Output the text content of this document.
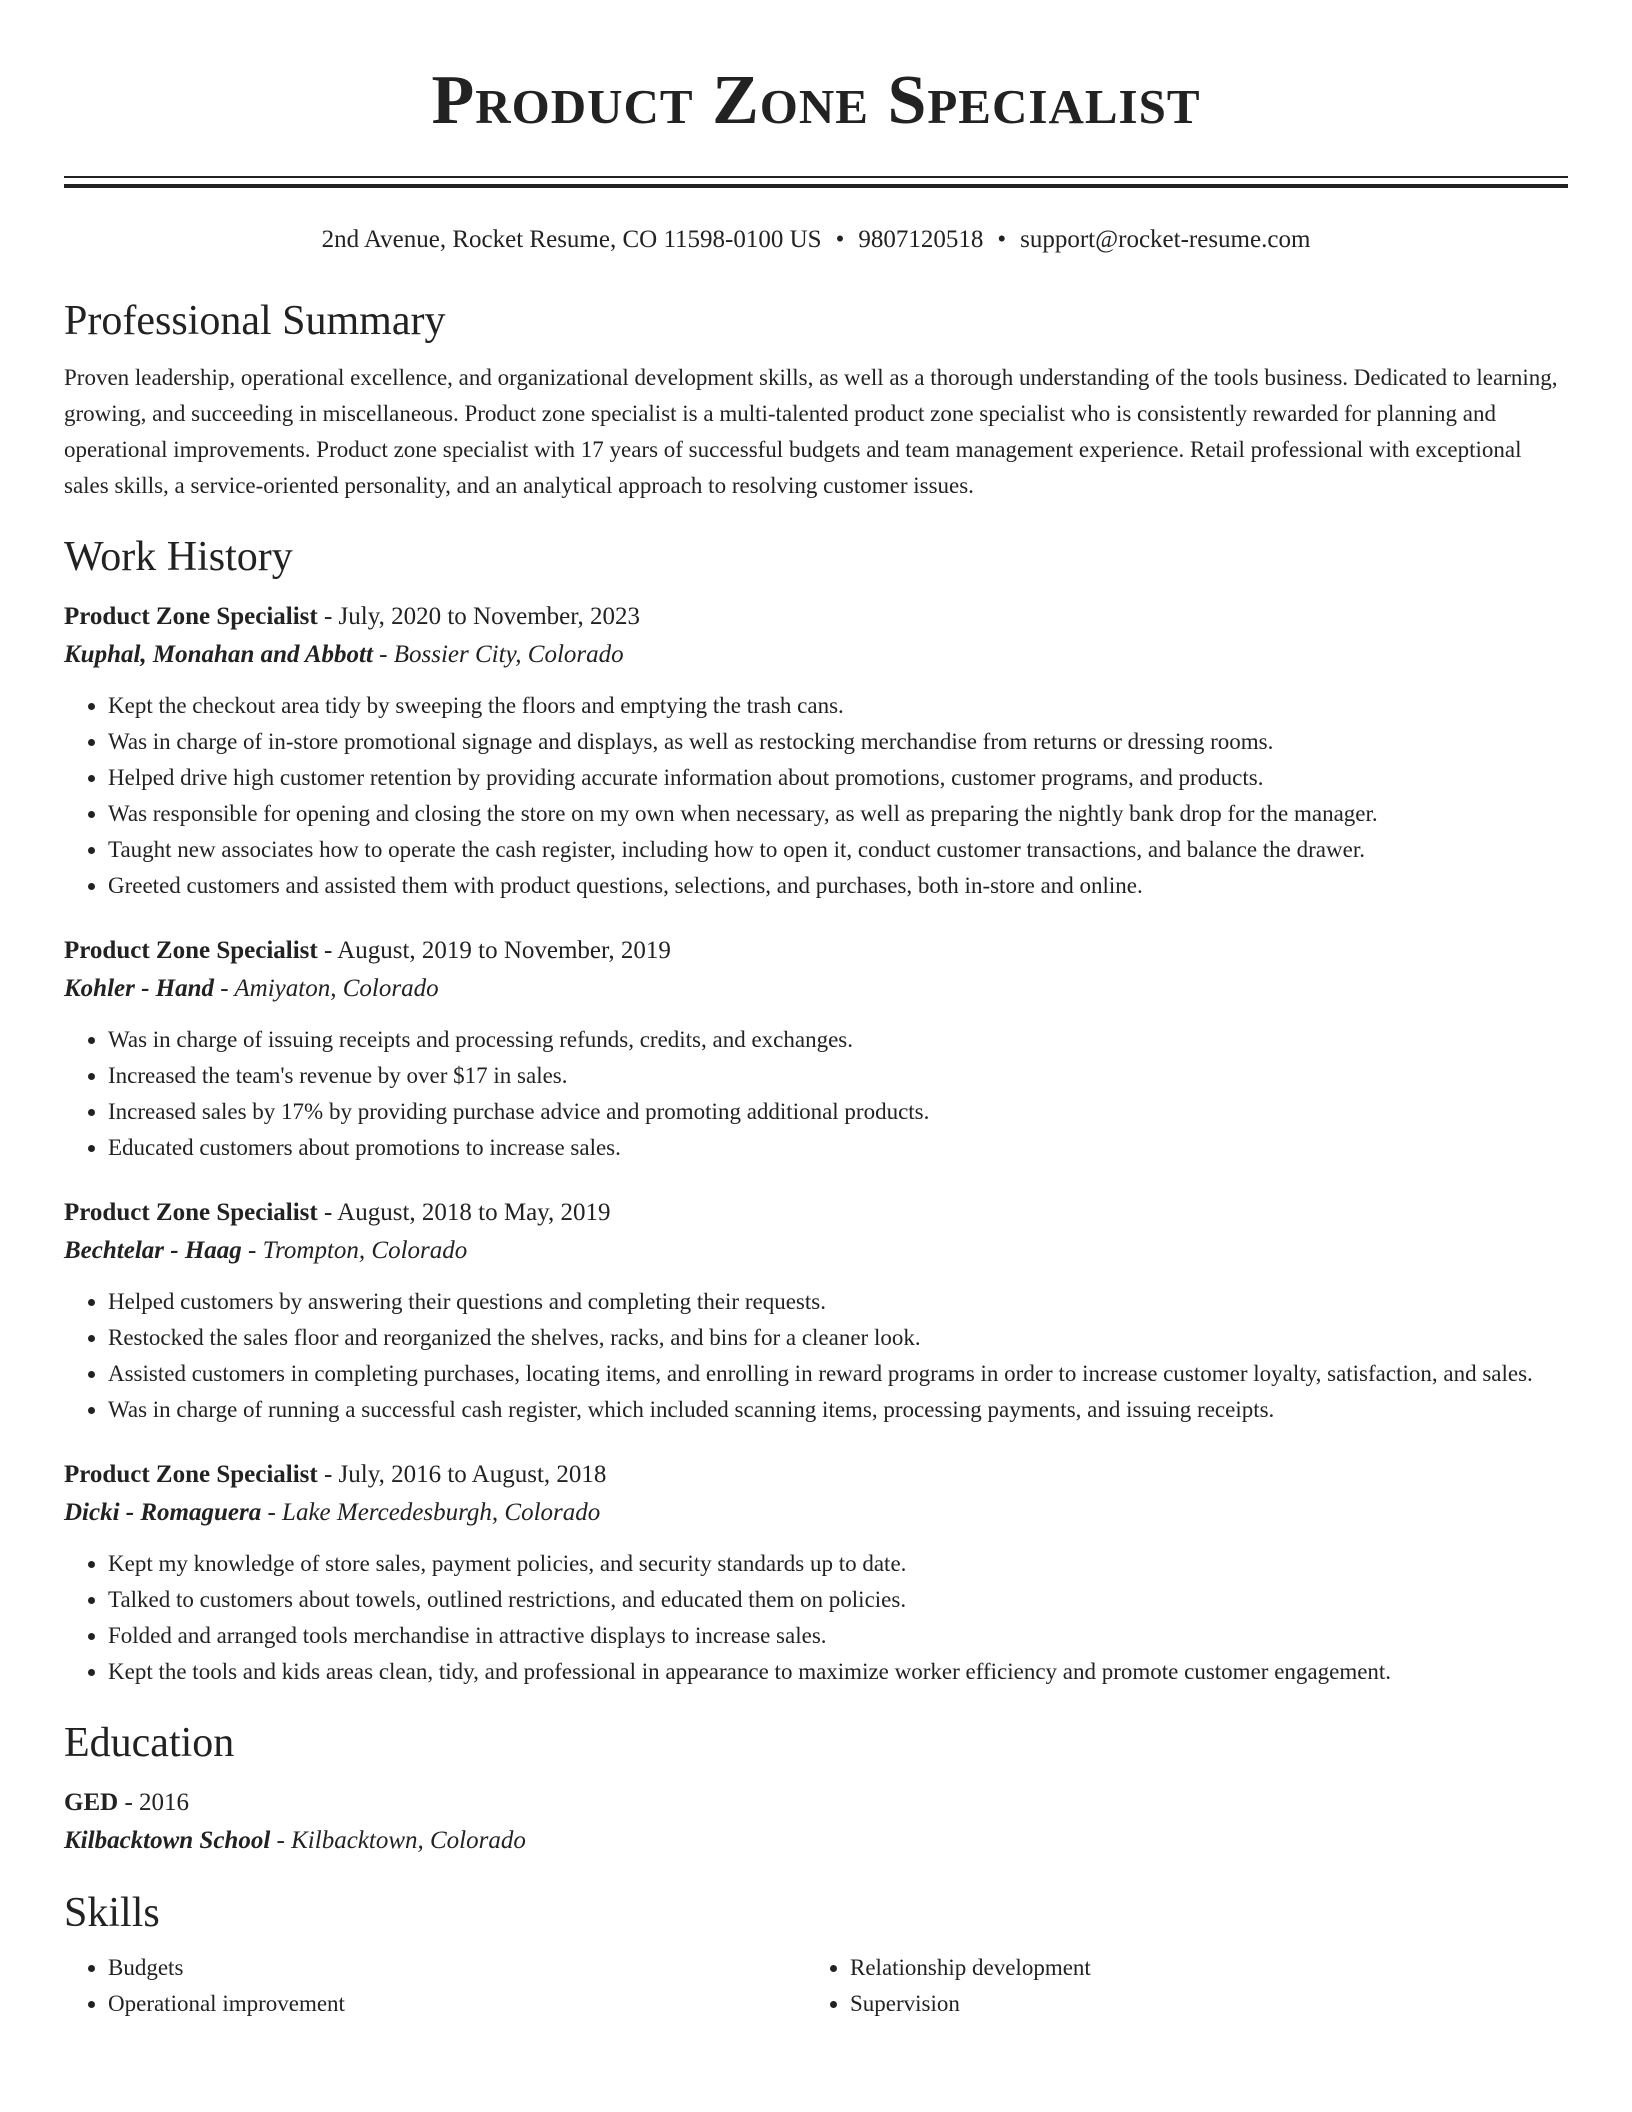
Product Zone Specialist
2nd Avenue, Rocket Resume, CO 11598-0100 US • 9807120518 • support@rocket-resume.com
Professional Summary

Proven leadership, operational excellence, and organizational development skills, as well as a thorough understanding of the tools business. Dedicated to learning, growing, and succeeding in miscellaneous. Product zone specialist is a multi-talented product zone specialist who is consistently rewarded for planning and operational improvements. Product zone specialist with 17 years of successful budgets and team management experience. Retail professional with exceptional sales skills, a service-oriented personality, and an analytical approach to resolving customer issues.

Work History
Product Zone Specialist - July, 2020 to November, 2023
Kuphal, Monahan and Abbott - Bossier City, Colorado
• Kept the checkout area tidy by sweeping the floors and emptying the trash cans.
• Was in charge of in-store promotional signage and displays, as well as restocking merchandise from returns or dressing rooms.
• Helped drive high customer retention by providing accurate information about promotions, customer programs, and products.
• Was responsible for opening and closing the store on my own when necessary, as well as preparing the nightly bank drop for the manager.
• Taught new associates how to operate the cash register, including how to open it, conduct customer transactions, and balance the drawer.
• Greeted customers and assisted them with product questions, selections, and purchases, both in-store and online.
Product Zone Specialist - August, 2019 to November, 2019
Kohler - Hand - Amiyaton, Colorado
• Was in charge of issuing receipts and processing refunds, credits, and exchanges.
• Increased the team's revenue by over $17 in sales.
• Increased sales by 17% by providing purchase advice and promoting additional products.
• Educated customers about promotions to increase sales.
Product Zone Specialist - August, 2018 to May, 2019
Bechtelar - Haag - Trompton, Colorado
• Helped customers by answering their questions and completing their requests.
• Restocked the sales floor and reorganized the shelves, racks, and bins for a cleaner look.
• Assisted customers in completing purchases, locating items, and enrolling in reward programs in order to increase customer loyalty, satisfaction, and sales.
• Was in charge of running a successful cash register, which included scanning items, processing payments, and issuing receipts.
Product Zone Specialist - July, 2016 to August, 2018
Dicki - Romaguera - Lake Mercedesburgh, Colorado
• Kept my knowledge of store sales, payment policies, and security standards up to date.
• Talked to customers about towels, outlined restrictions, and educated them on policies.
• Folded and arranged tools merchandise in attractive displays to increase sales.
• Kept the tools and kids areas clean, tidy, and professional in appearance to maximize worker efficiency and promote customer engagement.
Education
GED - 2016
Kilbacktown School - Kilbacktown, Colorado
Skills
• Budgets
• Operational improvement
• Relationship development
• Supervision
